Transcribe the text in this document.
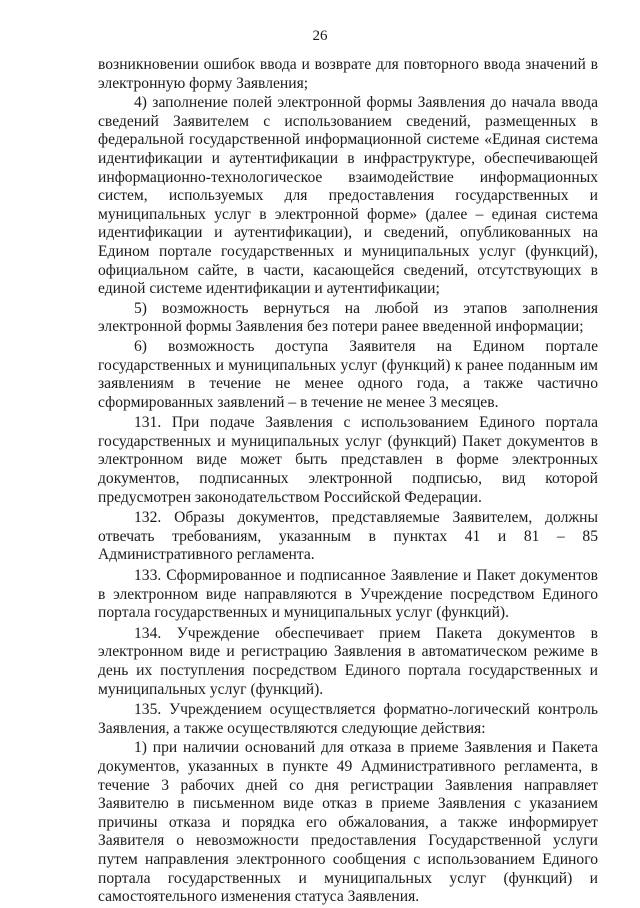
26

возникновении ошибок ввода и возврате для повторного ввода значений в электронную форму Заявления;

4) заполнение полей электронной формы Заявления до начала ввода сведений Заявителем с использованием сведений, размещенных в федеральной государственной информационной системе «Единая система идентификации и аутентификации в инфраструктуре, обеспечивающей информационно-технологическое взаимодействие информационных систем, используемых для предоставления государственных и муниципальных услуг в электронной форме» (далее – единая система идентификации и аутентификации), и сведений, опубликованных на Едином портале государственных и муниципальных услуг (функций), официальном сайте, в части, касающейся сведений, отсутствующих в единой системе идентификации и аутентификации;

5) возможность вернуться на любой из этапов заполнения электронной формы Заявления без потери ранее введенной информации;

6) возможность доступа Заявителя на Едином портале государственных и муниципальных услуг (функций) к ранее поданным им заявлениям в течение не менее одного года, а также частично сформированных заявлений – в течение не менее 3 месяцев.

131. При подаче Заявления с использованием Единого портала государственных и муниципальных услуг (функций) Пакет документов в электронном виде может быть представлен в форме электронных документов, подписанных электронной подписью, вид которой предусмотрен законодательством Российской Федерации.

132. Образы документов, представляемые Заявителем, должны отвечать требованиям, указанным в пунктах 41 и 81 – 85 Административного регламента.

133. Сформированное и подписанное Заявление и Пакет документов в электронном виде направляются в Учреждение посредством Единого портала государственных и муниципальных услуг (функций).

134. Учреждение обеспечивает прием Пакета документов в электронном виде и регистрацию Заявления в автоматическом режиме в день их поступления посредством Единого портала государственных и муниципальных услуг (функций).

135. Учреждением осуществляется форматно-логический контроль Заявления, а также осуществляются следующие действия:

1) при наличии оснований для отказа в приеме Заявления и Пакета документов, указанных в пункте 49 Административного регламента, в течение 3 рабочих дней со дня регистрации Заявления направляет Заявителю в письменном виде отказ в приеме Заявления с указанием причины отказа и порядка его обжалования, а также информирует Заявителя о невозможности предоставления Государственной услуги путем направления электронного сообщения с использованием Единого портала государственных и муниципальных услуг (функций) и самостоятельного изменения статуса Заявления.
